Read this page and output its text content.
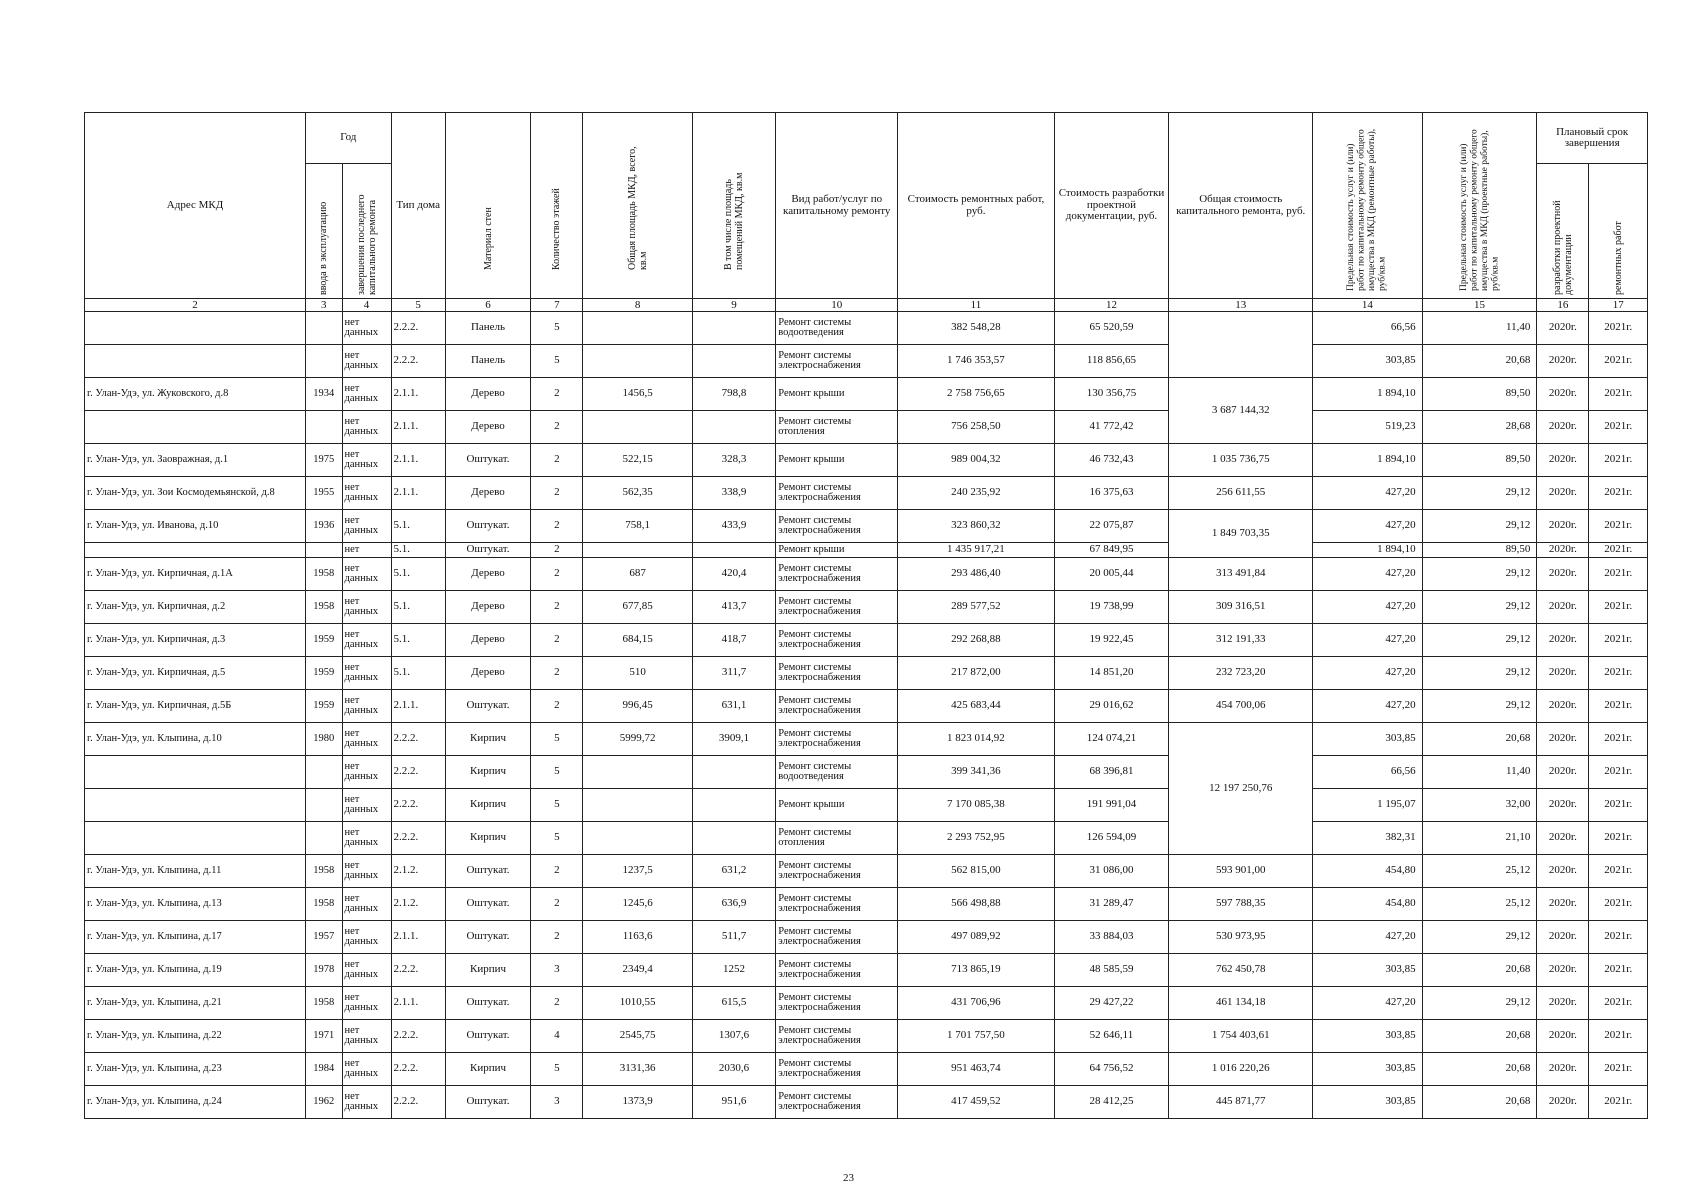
Адрес МКД	Год		Тип дома	Материал стен	Количество этажей	Общая площадь МКД, всего, кв.м	В том числе площадь помещений МКД, кв.м	Вид работ/услуг по капитальному ремонту	Стоимость ремонтных работ, руб.	Стоимость разработки проектной документации, руб.	Общая стоимость капитального ремонта, руб.	Предельная стоимость услуг и (или) работ по капитальному ремонту общего имущества в МКД (ремонтные работы), руб/кв.м	Предельная стоимость услуг и (или) работ по капитальному ремонту общего имущества в МКД (проектные работы), руб/кв.м	Плановый срок завершения	

	ввода в эксплуатацию	завершения последнего капитального ремонта												разработки проектной документации	ремонтных работ

2	3	4	5	6	7	8	9	10	11	12	13	14	15	16	17
		нет данных	2.2.2.	Панель	5			Ремонт системы водоотведения	382 548,28	65 520,59		66,56	11,40	2020г.	2021г.
		нет данных	2.2.2.	Панель	5			Ремонт системы электроснабжения	1 746 353,57	118 856,65		303,85	20,68	2020г.	2021г.
г. Улан-Удэ, ул. Жуковского, д.8	1934	нет данных	2.1.1.	Дерево	2	1456,5	798,8	Ремонт крыши	2 758 756,65	130 356,75	3 687 144,32	1 894,10	89,50	2020г.	2021г.
		нет данных	2.1.1.	Дерево	2			Ремонт системы отопления	756 258,50	41 772,42		519,23	28,68	2020г.	2021г.
г. Улан-Удэ, ул. Заовражная, д.1	1975	нет данных	2.1.1.	Оштукат.	2	522,15	328,3	Ремонт крыши	989 004,32	46 732,43	1 035 736,75	1 894,10	89,50	2020г.	2021г.
г. Улан-Удэ, ул. Зои Космодемьянской, д.8	1955	нет данных	2.1.1.	Дерево	2	562,35	338,9	Ремонт системы электроснабжения	240 235,92	16 375,63	256 611,55	427,20	29,12	2020г.	2021г.
г. Улан-Удэ, ул. Иванова, д.10	1936	нет данных	5.1.	Оштукат.	2	758,1	433,9	Ремонт системы электроснабжения	323 860,32	22 075,87	1 849 703,35	427,20	29,12	2020г.	2021г.
		нет	5.1.	Оштукат.	2			Ремонт крыши	1 435 917,21	67 849,95		1 894,10	89,50	2020г.	2021г.
г. Улан-Удэ, ул. Кирпичная, д.1А	1958	нет данных	5.1.	Дерево	2	687	420,4	Ремонт системы электроснабжения	293 486,40	20 005,44	313 491,84	427,20	29,12	2020г.	2021г.
г. Улан-Удэ, ул. Кирпичная, д.2	1958	нет данных	5.1.	Дерево	2	677,85	413,7	Ремонт системы электроснабжения	289 577,52	19 738,99	309 316,51	427,20	29,12	2020г.	2021г.
г. Улан-Удэ, ул. Кирпичная, д.3	1959	нет данных	5.1.	Дерево	2	684,15	418,7	Ремонт системы электроснабжения	292 268,88	19 922,45	312 191,33	427,20	29,12	2020г.	2021г.
г. Улан-Удэ, ул. Кирпичная, д.5	1959	нет данных	5.1.	Дерево	2	510	311,7	Ремонт системы электроснабжения	217 872,00	14 851,20	232 723,20	427,20	29,12	2020г.	2021г.
г. Улан-Удэ, ул. Кирпичная, д.5Б	1959	нет данных	2.1.1.	Оштукат.	2	996,45	631,1	Ремонт системы электроснабжения	425 683,44	29 016,62	454 700,06	427,20	29,12	2020г.	2021г.
г. Улан-Удэ, ул. Клыпина, д.10	1980	нет данных	2.2.2.	Кирпич	5	5999,72	3909,1	Ремонт системы электроснабжения	1 823 014,92	124 074,21	12 197 250,76	303,85	20,68	2020г.	2021г.
		нет данных	2.2.2.	Кирпич	5			Ремонт системы водоотведения	399 341,36	68 396,81		66,56	11,40	2020г.	2021г.
		нет данных	2.2.2.	Кирпич	5			Ремонт крыши	7 170 085,38	191 991,04		1 195,07	32,00	2020г.	2021г.
		нет данных	2.2.2.	Кирпич	5			Ремонт системы отопления	2 293 752,95	126 594,09		382,31	21,10	2020г.	2021г.
г. Улан-Удэ, ул. Клыпина, д.11	1958	нет данных	2.1.2.	Оштукат.	2	1237,5	631,2	Ремонт системы электроснабжения	562 815,00	31 086,00	593 901,00	454,80	25,12	2020г.	2021г.
г. Улан-Удэ, ул. Клыпина, д.13	1958	нет данных	2.1.2.	Оштукат.	2	1245,6	636,9	Ремонт системы электроснабжения	566 498,88	31 289,47	597 788,35	454,80	25,12	2020г.	2021г.
г. Улан-Удэ, ул. Клыпина, д.17	1957	нет данных	2.1.1.	Оштукат.	2	1163,6	511,7	Ремонт системы электроснабжения	497 089,92	33 884,03	530 973,95	427,20	29,12	2020г.	2021г.
г. Улан-Удэ, ул. Клыпина, д.19	1978	нет данных	2.2.2.	Кирпич	3	2349,4	1252	Ремонт системы электроснабжения	713 865,19	48 585,59	762 450,78	303,85	20,68	2020г.	2021г.
г. Улан-Удэ, ул. Клыпина, д.21	1958	нет данных	2.1.1.	Оштукат.	2	1010,55	615,5	Ремонт системы электроснабжения	431 706,96	29 427,22	461 134,18	427,20	29,12	2020г.	2021г.
г. Улан-Удэ, ул. Клыпина, д.22	1971	нет данных	2.2.2.	Оштукат.	4	2545,75	1307,6	Ремонт системы электроснабжения	1 701 757,50	52 646,11	1 754 403,61	303,85	20,68	2020г.	2021г.
г. Улан-Удэ, ул. Клыпина, д.23	1984	нет данных	2.2.2.	Кирпич	5	3131,36	2030,6	Ремонт системы электроснабжения	951 463,74	64 756,52	1 016 220,26	303,85	20,68	2020г.	2021г.
г. Улан-Удэ, ул. Клыпина, д.24	1962	нет данных	2.2.2.	Оштукат.	3	1373,9	951,6	Ремонт системы электроснабжения	417 459,52	28 412,25	445 871,77	303,85	20,68	2020г.	2021г.
23
